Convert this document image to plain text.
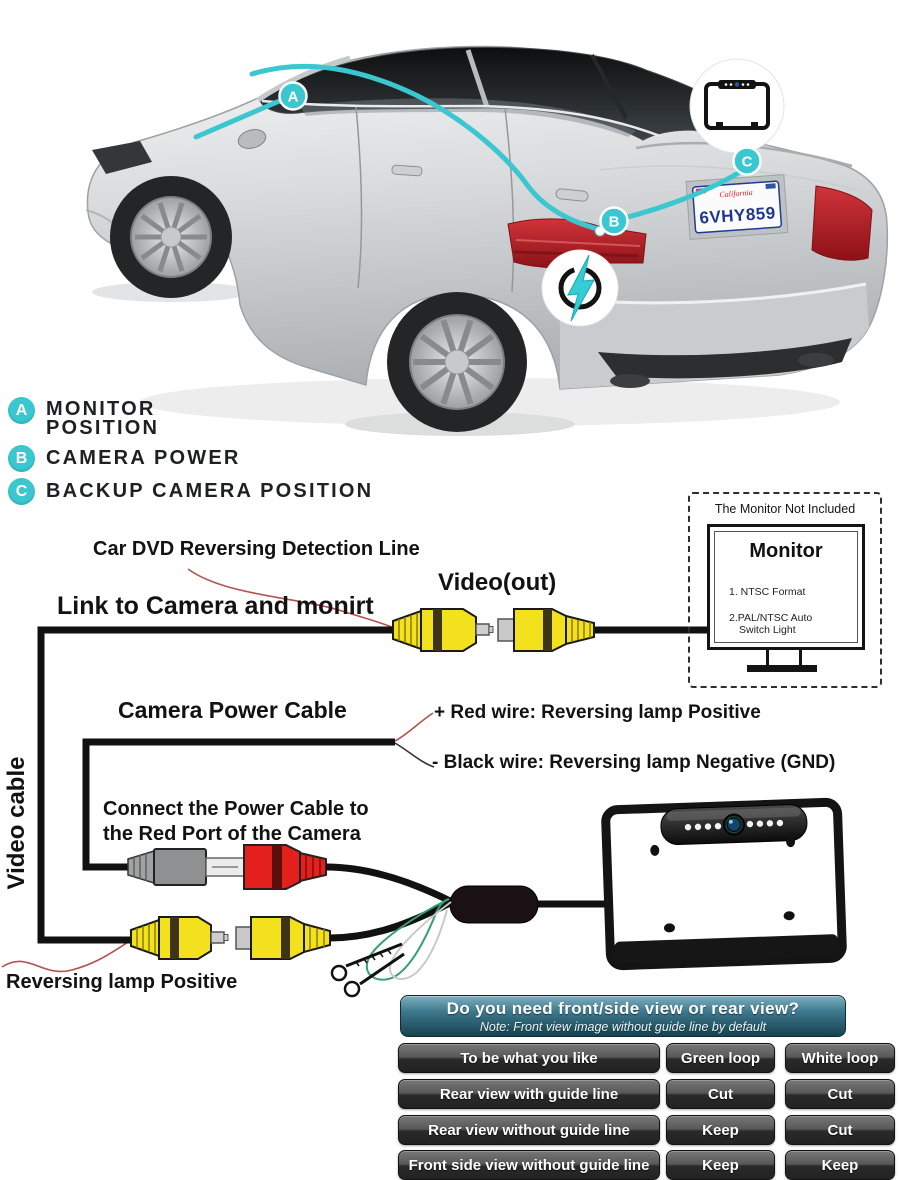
California
6VHY859
A
B
C
A MONITOR
POSITION
B CAMERA POWER
C BACKUP CAMERA POSITION
Car DVD Reversing Detection Line
Link to Camera and monirt
Video(out)
Video cable
Camera Power Cable	+ Red wire: Reversing lamp Positive
- Black wire: Reversing lamp Negative (GND)
Connect the Power Cable to
the Red Port of the Camera
Reversing lamp Positive
The Monitor Not Included
Monitor
1. NTSC Format
2.PAL/NTSC Auto
Switch Light
Do you need front/side view or rear view?
Note: Front view image without guide line by default
To be what you like	Green loop	White loop
Rear view with guide line	Cut	Cut
Rear view without guide line	Keep	Cut
Front side view without guide line	Keep	Keep
